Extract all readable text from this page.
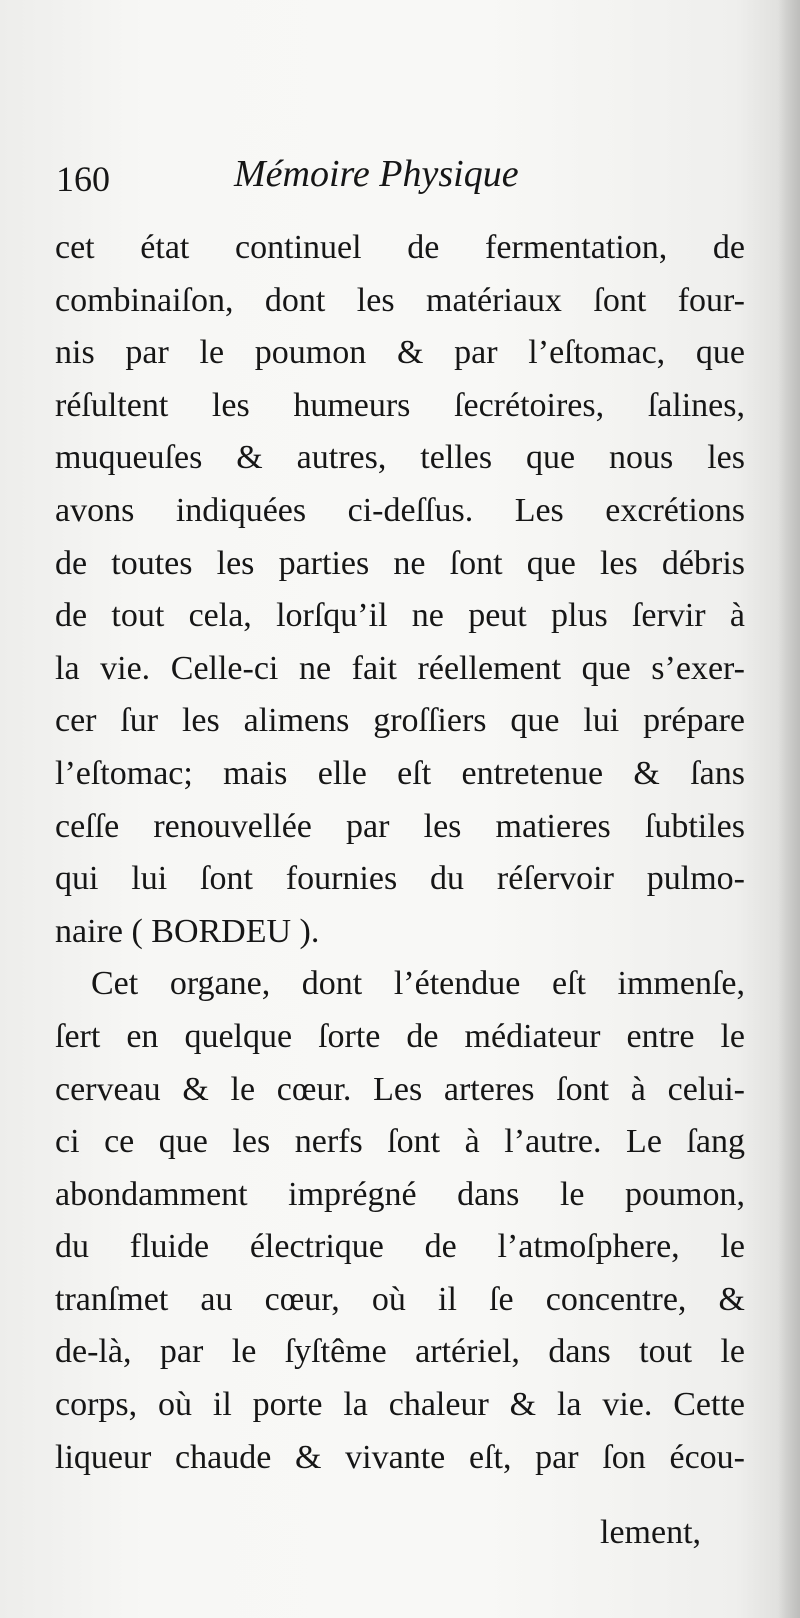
160	Mémoire Physique
cet état continuel de fermentation, de
combinaiſon, dont les matériaux ſont four-
nis par le poumon & par l’eſtomac, que
réſultent les humeurs ſecrétoires, ſalines,
muqueuſes & autres, telles que nous les
avons indiquées ci-deſſus. Les excrétions
de toutes les parties ne ſont que les débris
de tout cela, lorſqu’il ne peut plus ſervir à
la vie. Celle-ci ne fait réellement que s’exer-
cer ſur les alimens groſſiers que lui prépare
l’eſtomac; mais elle eſt entretenue & ſans
ceſſe renouvellée par les matieres ſubtiles
qui lui ſont fournies du réſervoir pulmo-
naire ( BORDEU ).
Cet organe, dont l’étendue eſt immenſe,
ſert en quelque ſorte de médiateur entre le
cerveau & le cœur. Les arteres ſont à celui-
ci ce que les nerfs ſont à l’autre. Le ſang
abondamment imprégné dans le poumon,
du fluide électrique de l’atmoſphere, le
tranſmet au cœur, où il ſe concentre, &
de-là, par le ſyſtême artériel, dans tout le
corps, où il porte la chaleur & la vie. Cette
liqueur chaude & vivante eſt, par ſon écou-
lement,
